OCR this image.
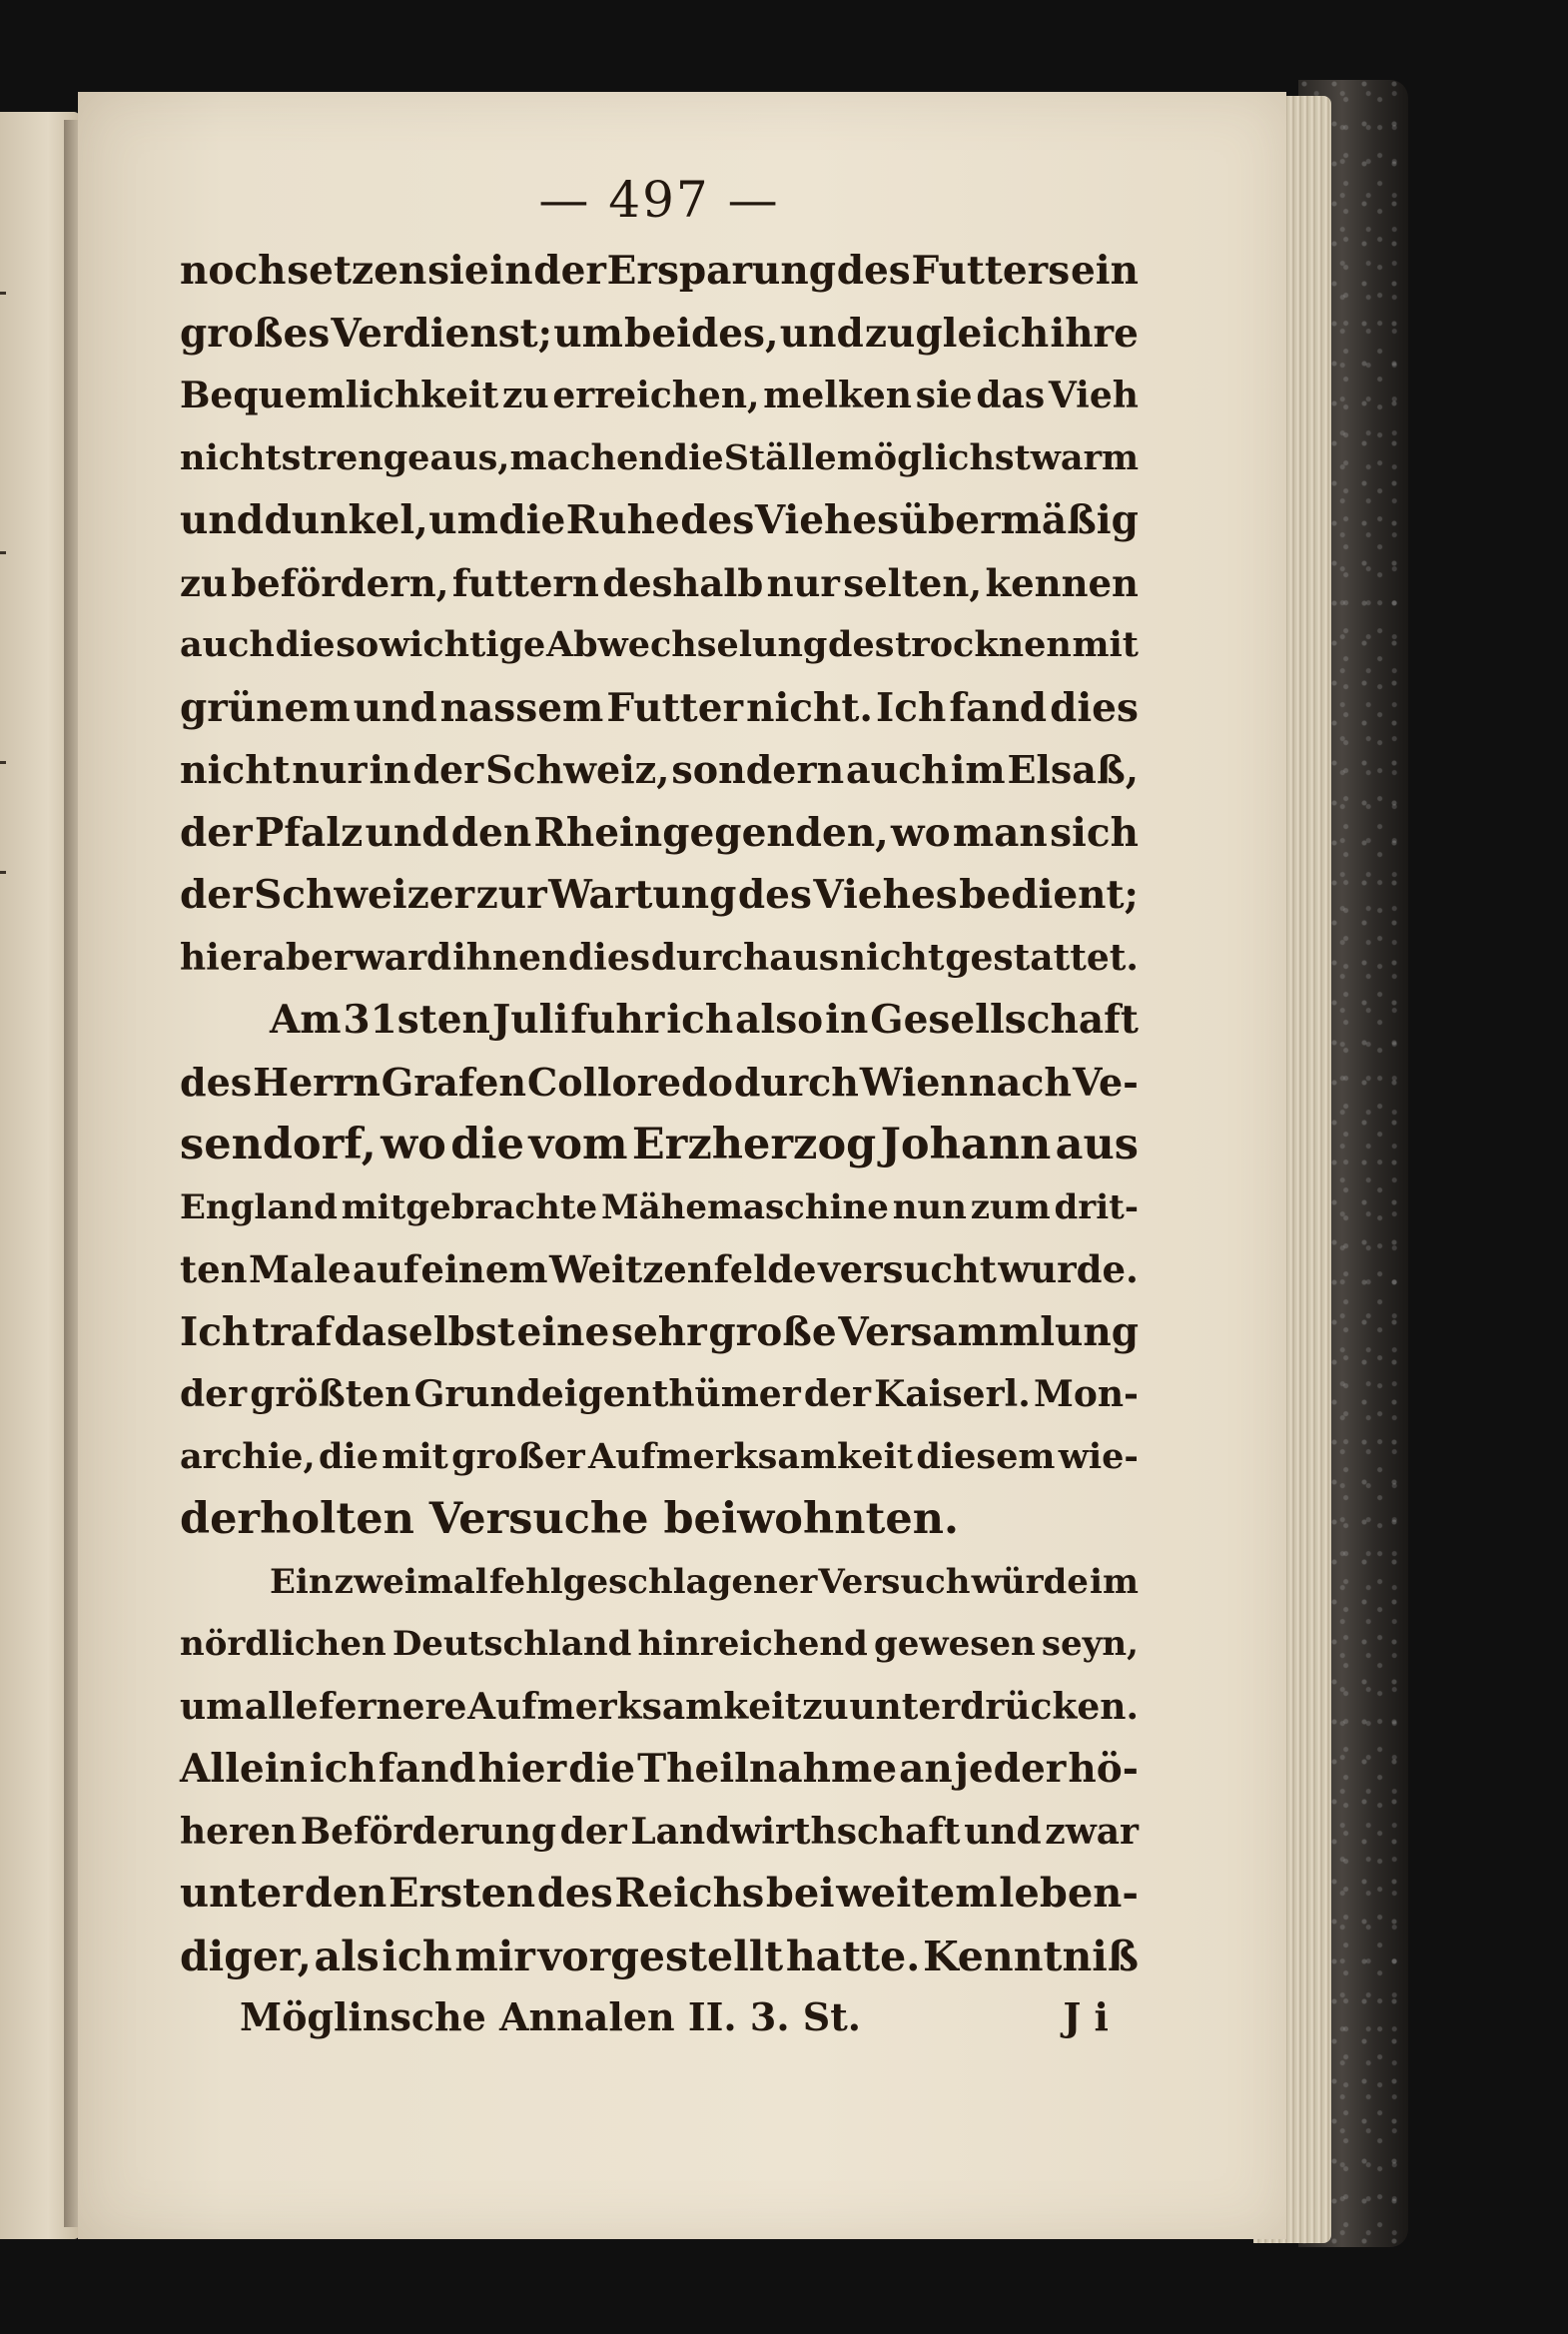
— 497 —
noch setzen sie in der Ersparung des Futters ein
großes Verdienst; um beides, und zugleich ihre
Bequemlichkeit zu erreichen, melken sie das Vieh
nicht strenge aus, machen die Ställe möglichst warm
und dunkel, um die Ruhe des Viehes übermäßig
zu befördern, futtern deshalb nur selten, kennen
auch die so wichtige Abwechselung des trocknen mit
grünem und nassem Futter nicht. Ich fand dies
nicht nur in der Schweiz, sondern auch im Elsaß,
der Pfalz und den Rheingegenden, wo man sich
der Schweizer zur Wartung des Viehes bedient;
hier aber ward ihnen dies durchaus nicht gestattet.
Am 31sten Juli fuhr ich also in Gesellschaft
des Herrn Grafen Colloredo durch Wien nach Ve-
sendorf, wo die vom Erzherzog Johann aus
England mitgebrachte Mähemaschine nun zum drit-
ten Male auf einem Weitzenfelde versucht wurde.
Ich traf daselbst eine sehr große Versammlung
der größten Grundeigenthümer der Kaiserl. Mon-
archie, die mit großer Aufmerksamkeit diesem wie-
derholten Versuche beiwohnten.
Ein zweimal fehlgeschlagener Versuch würde im
nördlichen Deutschland hinreichend gewesen seyn,
um alle fernere Aufmerksamkeit zu unterdrücken.
Allein ich fand hier die Theilnahme an jeder hö-
heren Beförderung der Landwirthschaft und zwar
unter den Ersten des Reichs bei weitem leben-
diger, als ich mir vorgestellt hatte. Kenntniß
Möglinsche Annalen II. 3. St.	J i
